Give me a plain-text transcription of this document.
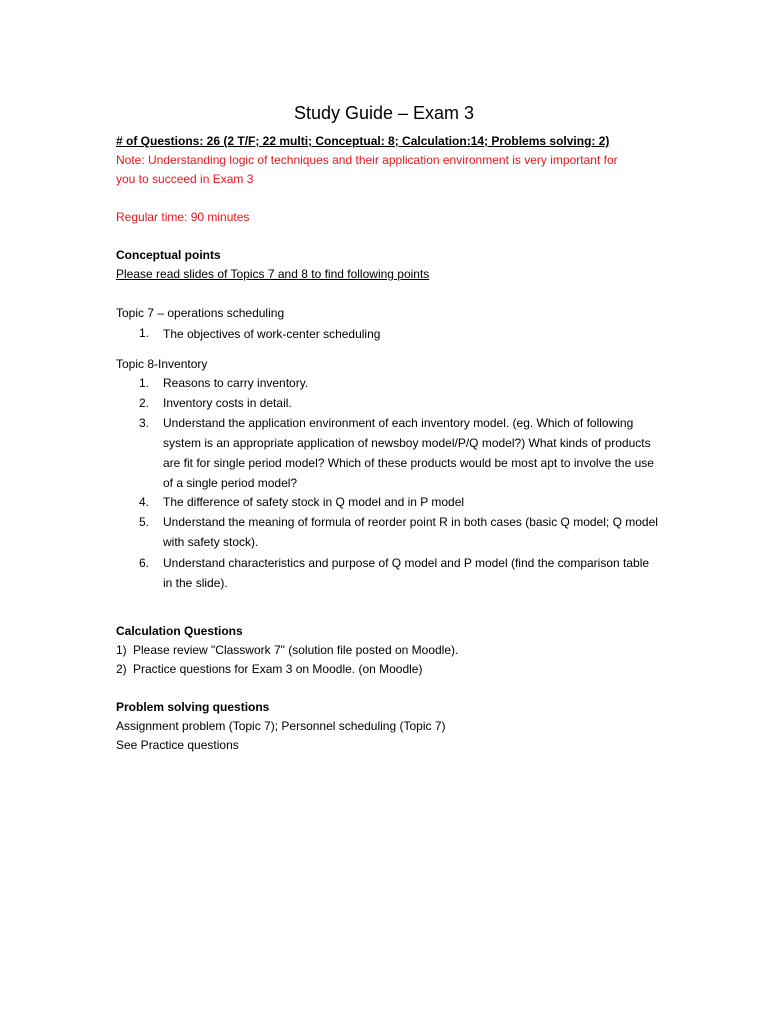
Study Guide – Exam 3
# of Questions: 26 (2 T/F; 22 multi; Conceptual: 8; Calculation:14; Problems solving: 2)
Note: Understanding logic of techniques and their application environment is very important for
you to succeed in Exam 3
Regular time: 90 minutes
Conceptual points
Please read slides of Topics 7 and 8 to find following points
Topic 7 – operations scheduling
1. The objectives of work-center scheduling
Topic 8-Inventory
1. Reasons to carry inventory.
2. Inventory costs in detail.
3. Understand the application environment of each inventory model. (eg. Which of following system is an appropriate application of newsboy model/P/Q model?) What kinds of products are fit for single period model? Which of these products would be most apt to involve the use of a single period model?
4. The difference of safety stock in Q model and in P model
5. Understand the meaning of formula of reorder point R in both cases (basic Q model; Q model with safety stock).
6. Understand characteristics and purpose of Q model and P model (find the comparison table in the slide).
Calculation Questions
1) Please review "Classwork 7" (solution file posted on Moodle).
2) Practice questions for Exam 3 on Moodle. (on Moodle)
Problem solving questions
Assignment problem (Topic 7); Personnel scheduling (Topic 7)
See Practice questions
